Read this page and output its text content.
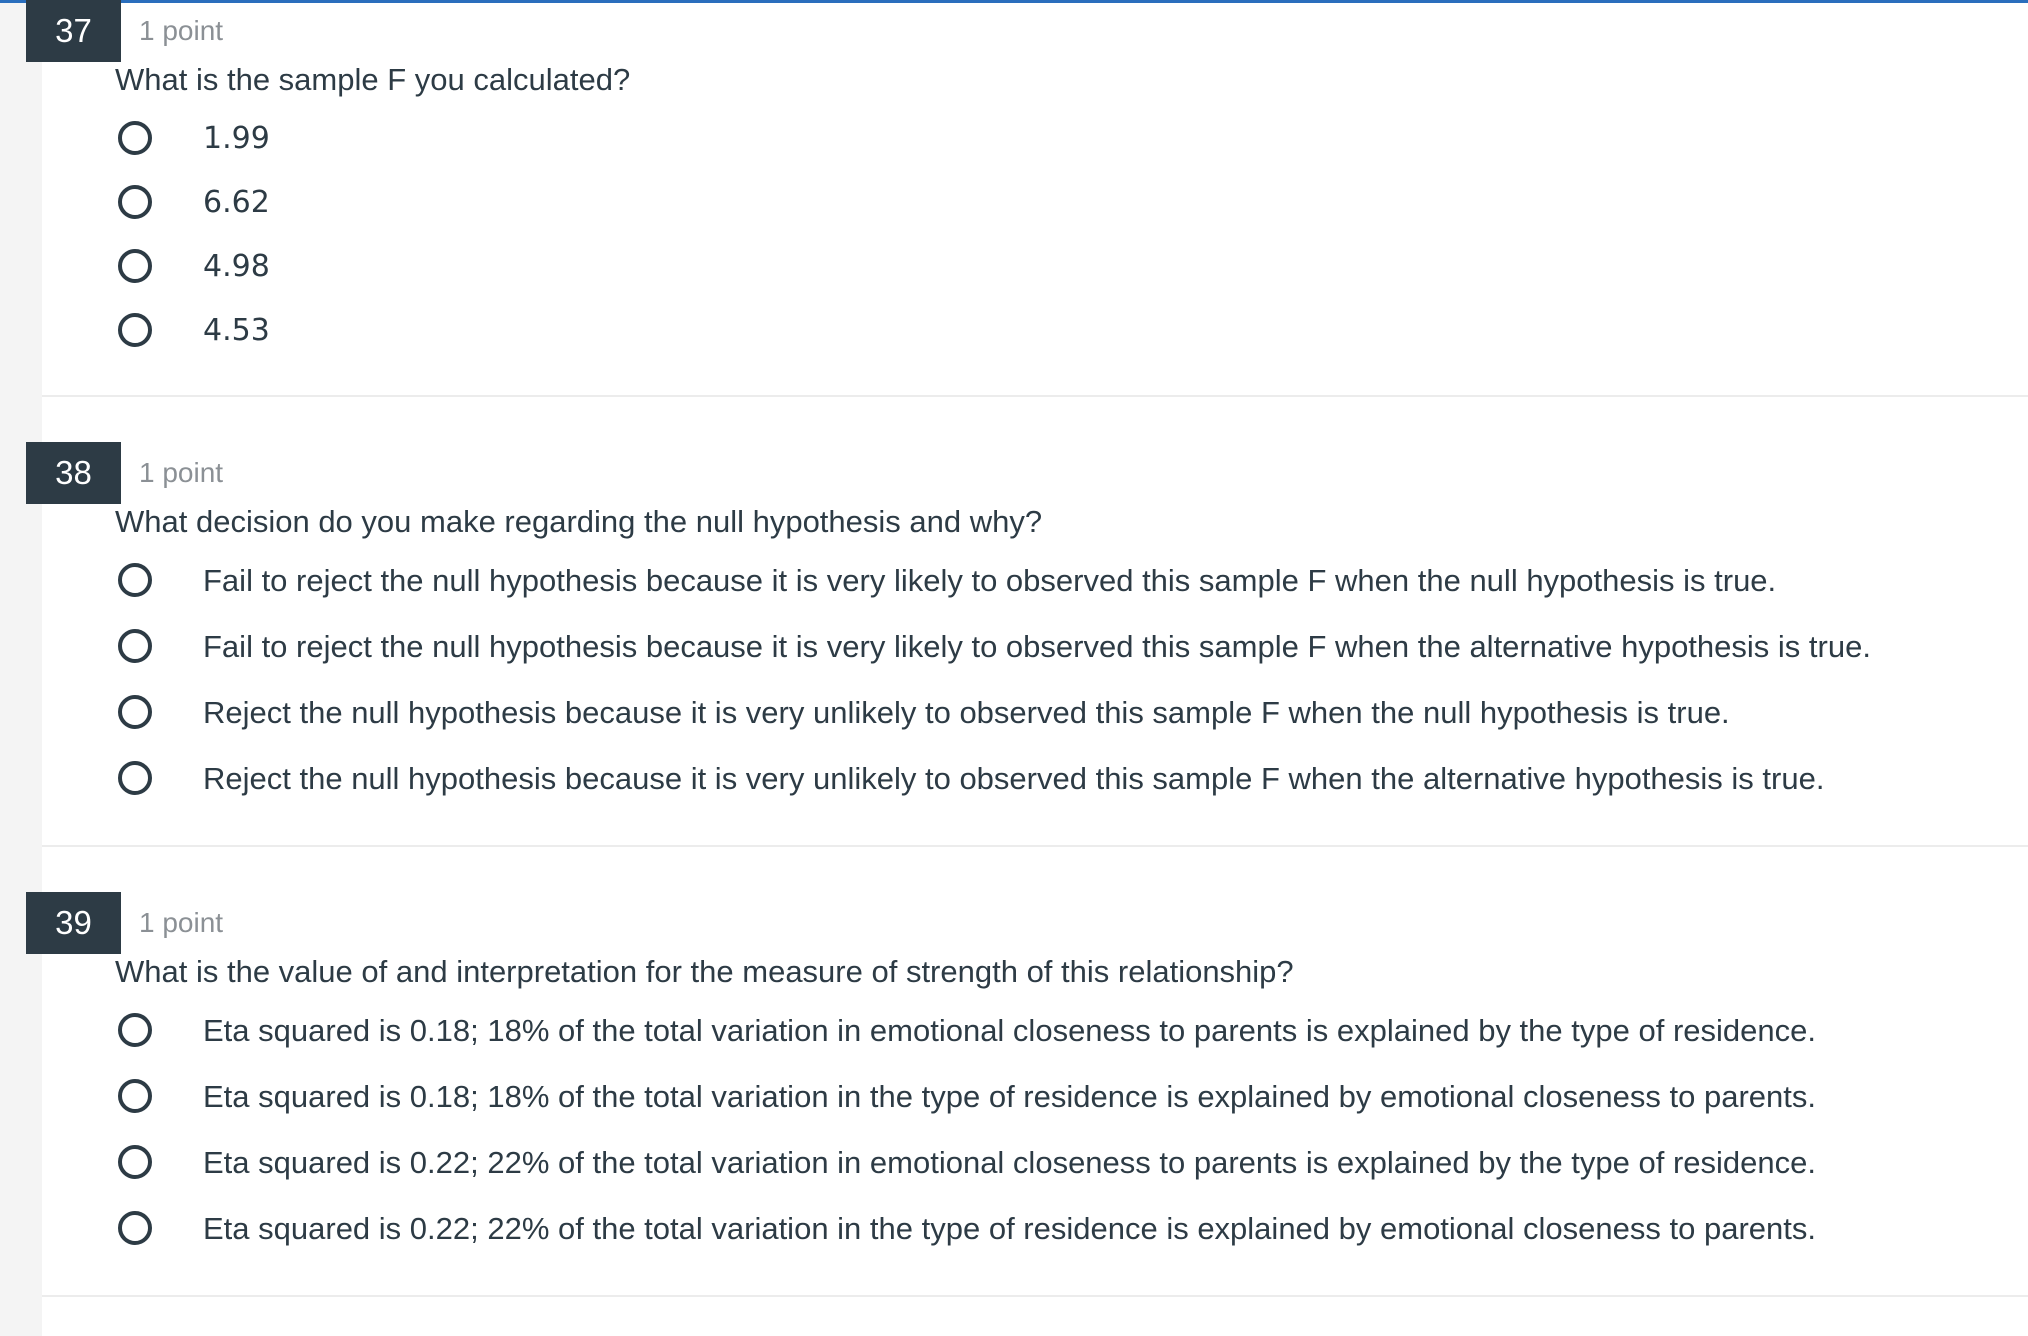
37	1 point
What is the sample F you calculated?
1.99
6.62
4.98
4.53
38	1 point
What decision do you make regarding the null hypothesis and why?
Fail to reject the null hypothesis because it is very likely to observed this sample F when the null hypothesis is true.
Fail to reject the null hypothesis because it is very likely to observed this sample F when the alternative hypothesis is true.
Reject the null hypothesis because it is very unlikely to observed this sample F when the null hypothesis is true.
Reject the null hypothesis because it is very unlikely to observed this sample F when the alternative hypothesis is true.
39	1 point
What is the value of and interpretation for the measure of strength of this relationship?
Eta squared is 0.18; 18% of the total variation in emotional closeness to parents is explained by the type of residence.
Eta squared is 0.18; 18% of the total variation in the type of residence is explained by emotional closeness to parents.
Eta squared is 0.22; 22% of the total variation in emotional closeness to parents is explained by the type of residence.
Eta squared is 0.22; 22% of the total variation in the type of residence is explained by emotional closeness to parents.
